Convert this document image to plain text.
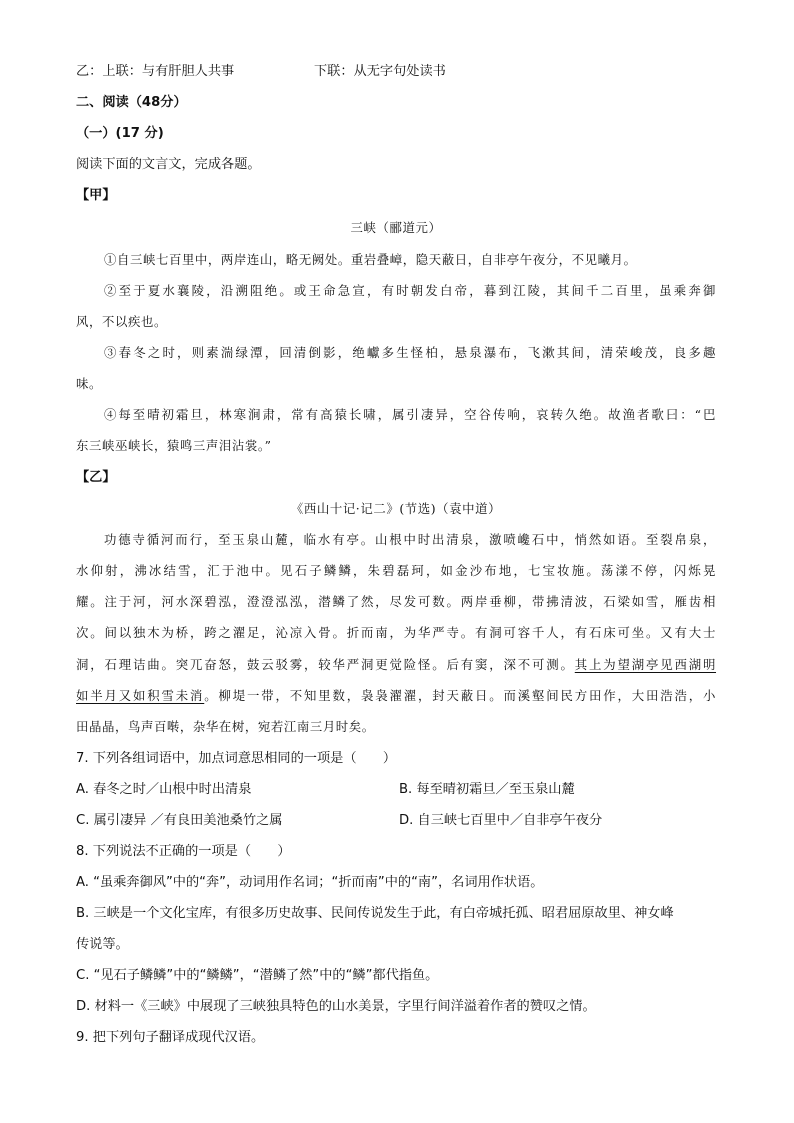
乙：上联：与有肝胆人共事	下联：从无字句处读书
二、阅读（48分）
（一）(17 分)
阅读下面的文言文，完成各题。
【甲】
三峡（郦道元）
①自三峡七百里中，两岸连山，略无阙处。重岩叠嶂，隐天蔽日，自非亭午夜分，不见曦月。
②至于夏水襄陵，沿溯阻绝。或王命急宣，有时朝发白帝，暮到江陵，其间千二百里，虽乘奔御
风，不以疾也。
③春冬之时，则素湍绿潭，回清倒影，绝巘多生怪柏，悬泉瀑布，飞漱其间，清荣峻茂，良多趣
味。
④每至晴初霜旦，林寒涧肃，常有高猿长啸，属引凄异，空谷传响，哀转久绝。故渔者歌曰：“巴
东三峡巫峡长，猿鸣三声泪沾裳。”
【乙】
《西山十记·记二》(节选)（袁中道）
功德寺循河而行，至玉泉山麓，临水有亭。山根中时出清泉，激喷巉石中，悄然如语。至裂帛泉，
水仰射，沸冰结雪，汇于池中。见石子鳞鳞，朱碧磊珂，如金沙布地，七宝妆施。荡漾不停，闪烁晃
耀。注于河，河水深碧泓，澄澄泓泓，潜鳞了然，尽发可数。两岸垂柳，带拂清波，石梁如雪，雁齿相
次。间以独木为桥，跨之濯足，沁凉入骨。折而南，为华严寺。有洞可容千人，有石床可坐。又有大士
洞，石理诘曲。突兀奋怒，鼓云驳雾，较华严洞更觉险怪。后有窦，深不可测。其上为望湖亭见西湖明
如半月又如积雪未消。柳堤一带，不知里数，袅袅濯濯，封天蔽日。而溪壑间民方田作，大田浩浩，小
田晶晶，鸟声百啭，杂华在树，宛若江南三月时矣。
7. 下列各组词语中，加点词意思相同的一项是（　　）
A. 春冬之时／山根中时出清泉	B. 每至晴初霜旦／至玉泉山麓
C. 属引凄异 ／有良田美池桑竹之属	D. 自三峡七百里中／自非亭午夜分
8. 下列说法不正确的一项是（　　）
A. “虽乘奔御风”中的“奔”，动词用作名词；“折而南”中的“南”，名词用作状语。
B. 三峡是一个文化宝库，有很多历史故事、民间传说发生于此，有白帝城托孤、昭君屈原故里、神女峰
传说等。
C. “见石子鳞鳞”中的“鳞鳞”，“潜鳞了然”中的“鳞”都代指鱼。
D. 材料一《三峡》中展现了三峡独具特色的山水美景，字里行间洋溢着作者的赞叹之情。
9. 把下列句子翻译成现代汉语。
